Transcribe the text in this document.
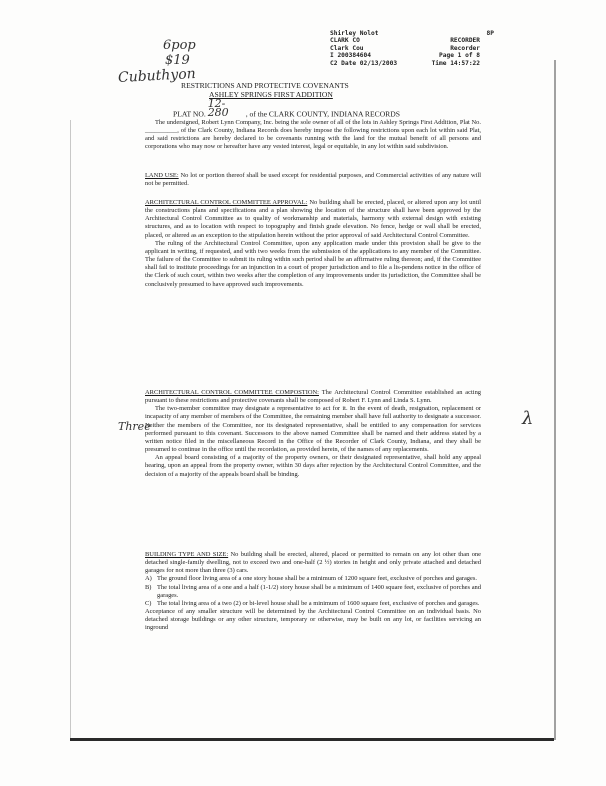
Shirley Nolot	8P
CLARK CO	RECORDER
Clark Cou	Recorder
I 200384604	Page 1 of 8
C2 Date 02/13/2003	Time 14:57:22
6pop
$19
Cubuthyon
Three	λ
RESTRICTIONS AND PROTECTIVE COVENANTS
ASHLEY SPRINGS FIRST ADDITION
PLAT NO. 12-280 , of the CLARK COUNTY, INDIANA RECORDS

The undersigned, Robert Lynn Company, Inc. being the sole owner of all of the lots in Ashley Springs First Addition, Plat No. __________, of the Clark County, Indiana Records does hereby impose the following restrictions upon each lot within said Plat, and said restrictions are hereby declared to be covenants running with the land for the mutual benefit of all persons and corporations who may now or hereafter have any vested interest, legal or equitable, in any lot within said subdivision.

LAND USE: No lot or portion thereof shall be used except for residential purposes, and Commercial activities of any nature will not be permitted.

ARCHITECTURAL CONTROL COMMITTEE APPROVAL: No building shall be erected, placed, or altered upon any lot until the constructions plans and specifications and a plan showing the location of the structure shall have been approved by the Architectural Control Committee as to quality of workmanship and materials, harmony with external design with existing structures, and as to location with respect to topography and finish grade elevation. No fence, hedge or wall shall be erected, placed, or altered as an exception to the stipulation herein without the prior approval of said Architectural Control Committee.

The ruling of the Architectural Control Committee, upon any application made under this provision shall be give to the applicant in writing, if requested, and with two weeks from the submission of the applications to any member of the Committee. The failure of the Committee to submit its ruling within such period shall be an affirmative ruling thereon; and, if the Committee shall fail to institute proceedings for an injunction in a court of proper jurisdiction and to file a lis-pendens notice in the office of the Clerk of such court, within two weeks after the completion of any improvements under its jurisdiction, the Committee shall be conclusively presumed to have approved such improvements.

ARCHITECTURAL CONTROL COMMITTEE COMPOSTION: The Architectural Control Committee established an acting pursuant to these restrictions and protective covenants shall be composed of Robert F. Lynn and Linda S. Lynn.

The two-member committee may designate a representative to act for it. In the event of death, resignation, replacement or incapacity of any member of members of the Committee, the remaining member shall have full authority to designate a successor. Neither the members of the Committee, nor its designated representative, shall be entitled to any compensation for services performed pursuant to this covenant. Successors to the above named Committee shall be named and their address stated by a written notice filed in the miscellaneous Record in the Office of the Recorder of Clark County, Indiana, and they shall be presumed to continue in the office until the recordation, as provided herein, of the names of any replacements.

An appeal board consisting of a majority of the property owners, or their designated representative, shall hold any appeal hearing, upon an appeal from the property owner, within 30 days after rejection by the Architectural Control Committee, and the decision of a majority of the appeals board shall be binding.

BUILDING TYPE AND SIZE: No building shall be erected, altered, placed or permitted to remain on any lot other than one detached single-family dwelling, not to exceed two and one-half (2 ½) stories in height and only private attached and detached garages for not more than three (3) cars.

A) The ground floor living area of a one story house shall be a minimum of 1200 square feet, exclusive of porches and garages.
B) The total living area of a one and a half (1-1/2) story house shall be a minimum of 1400 square feet, exclusive of porches and garages.
C) The total living area of a two (2) or bi-level house shall be a minimum of 1600 square feet, exclusive of porches and garages.

Acceptance of any smaller structure will be determined by the Architectural Control Committee on an individual basis. No detached storage buildings or any other structure, temporary or otherwise, may be built on any lot, or facilities servicing an inground
